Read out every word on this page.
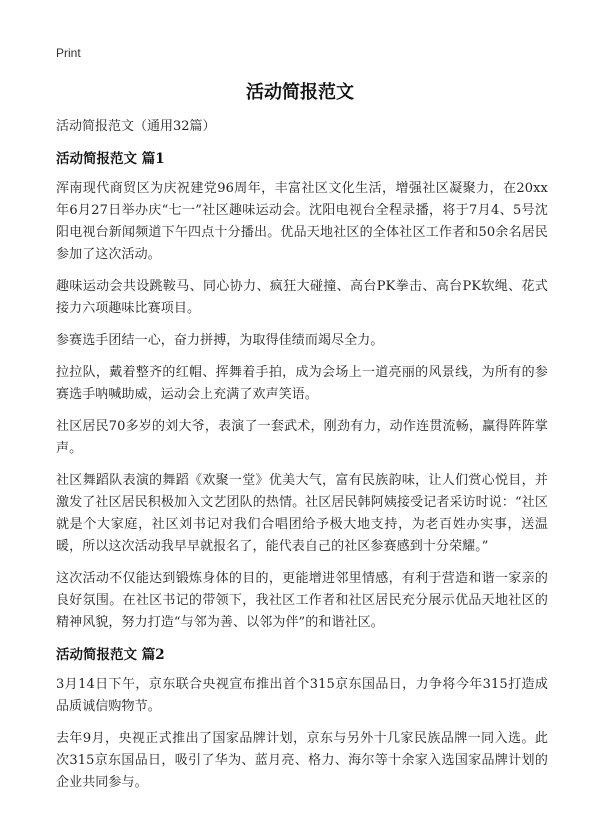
Print
活动简报范文

活动简报范文（通用32篇）

活动简报范文 篇1

浑南现代商贸区为庆祝建党96周年，丰富社区文化生活，增强社区凝聚力，在20xx年6月27日举办庆“七一”社区趣味运动会。沈阳电视台全程录播，将于7月4、5号沈阳电视台新闻频道下午四点十分播出。优品天地社区的全体社区工作者和50余名居民参加了这次活动。

趣味运动会共设跳鞍马、同心协力、疯狂大碰撞、高台PK拳击、高台PK软绳、花式接力六项趣味比赛项目。

参赛选手团结一心，奋力拼搏，为取得佳绩而竭尽全力。

拉拉队，戴着整齐的红帽、挥舞着手拍，成为会场上一道亮丽的风景线，为所有的参赛选手呐喊助威，运动会上充满了欢声笑语。

社区居民70多岁的刘大爷，表演了一套武术，刚劲有力，动作连贯流畅，赢得阵阵掌声。

社区舞蹈队表演的舞蹈《欢聚一堂》优美大气，富有民族韵味，让人们赏心悦目，并激发了社区居民积极加入文艺团队的热情。社区居民韩阿姨接受记者采访时说：“社区就是个大家庭，社区刘书记对我们合唱团给予极大地支持，为老百姓办实事，送温暖，所以这次活动我早早就报名了，能代表自己的社区参赛感到十分荣耀。”

这次活动不仅能达到锻炼身体的目的，更能增进邻里情感，有利于营造和谐一家亲的良好氛围。在社区书记的带领下，我社区工作者和社区居民充分展示优品天地社区的精神风貌，努力打造“与邻为善、以邻为伴”的和谐社区。

活动简报范文 篇2

3月14日下午，京东联合央视宣布推出首个315京东国品日，力争将今年315打造成品质诚信购物节。

去年9月，央视正式推出了国家品牌计划，京东与另外十几家民族品牌一同入选。此次315京东国品日，吸引了华为、蓝月亮、格力、海尔等十余家入选国家品牌计划的企业共同参与。
